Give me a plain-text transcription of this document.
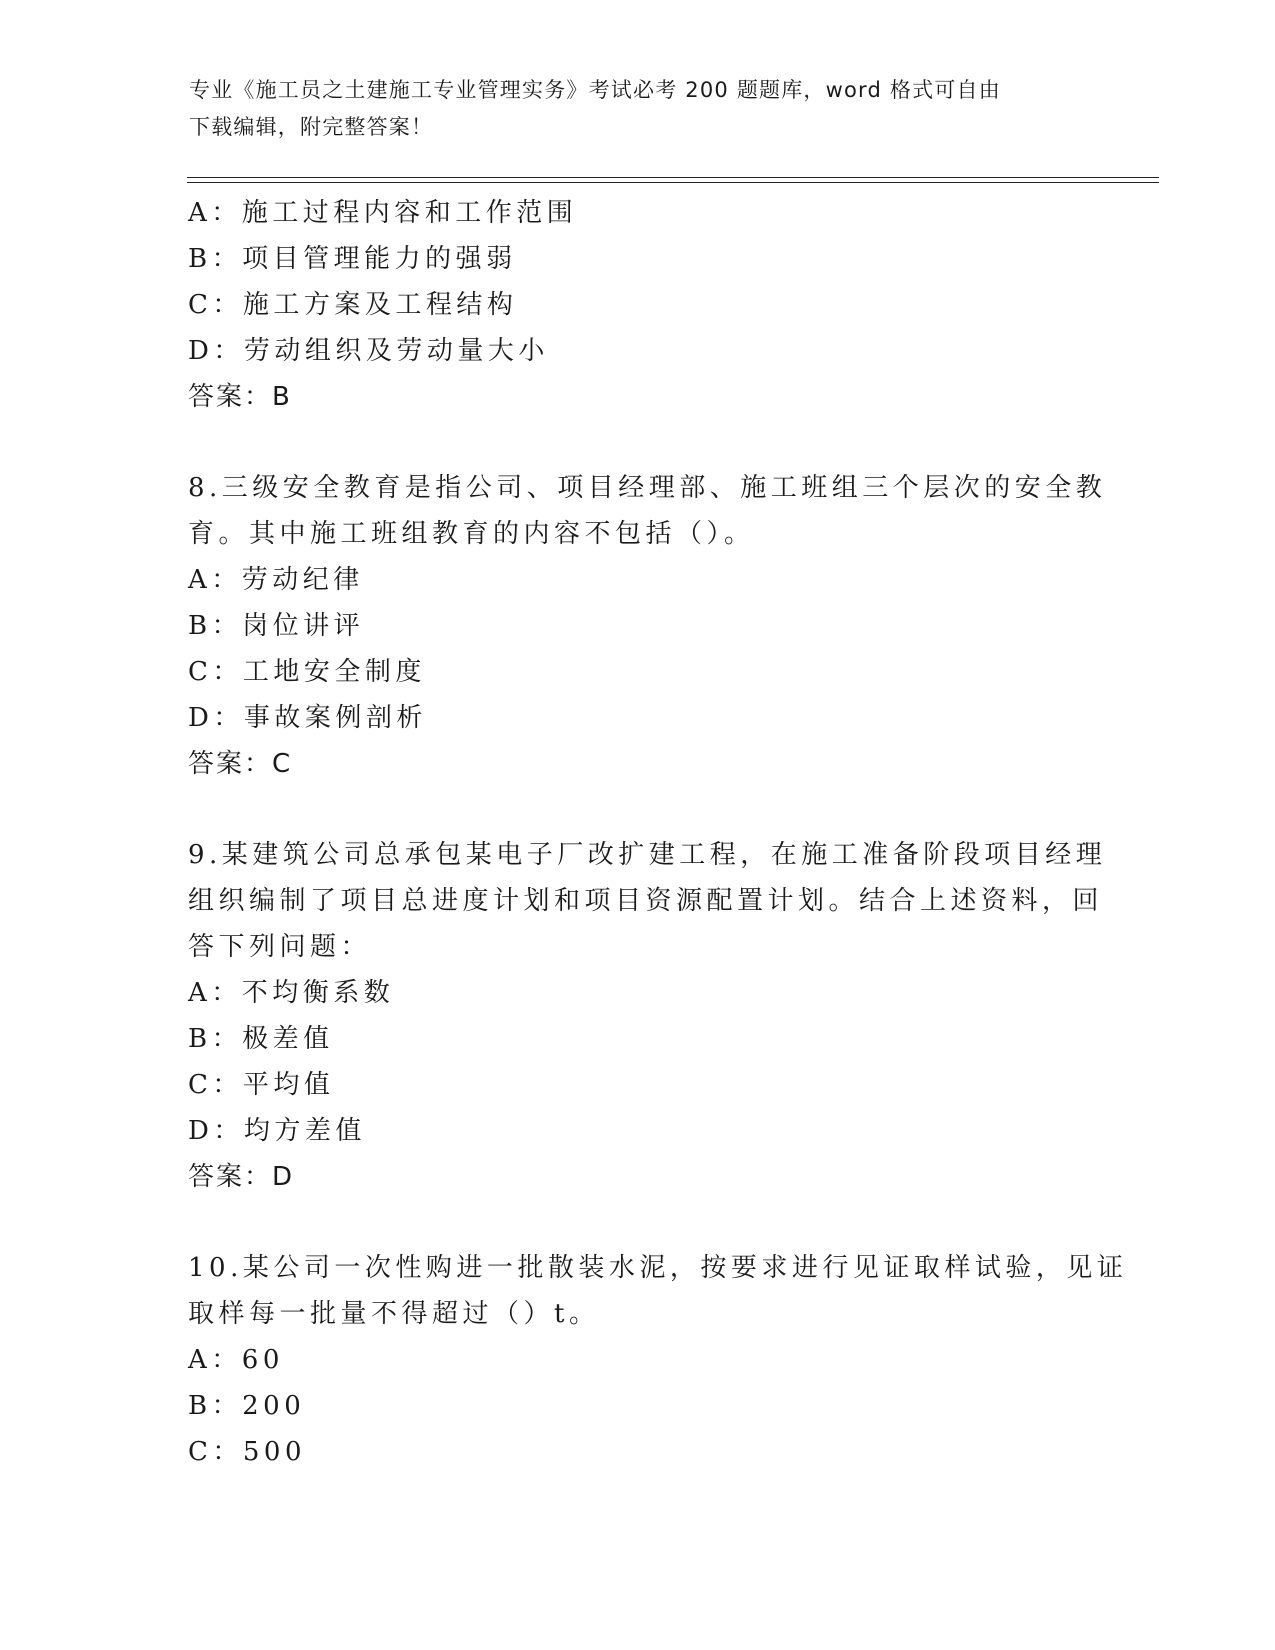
专业《施工员之土建施工专业管理实务》考试必考 200 题题库，word 格式可自由
下载编辑，附完整答案！
A：施工过程内容和工作范围
B：项目管理能力的强弱
C：施工方案及工程结构
D：劳动组织及劳动量大小
答案：B
8.三级安全教育是指公司、项目经理部、施工班组三个层次的安全教
育。其中施工班组教育的内容不包括（）。
A：劳动纪律
B：岗位讲评
C：工地安全制度
D：事故案例剖析
答案：C
9.某建筑公司总承包某电子厂改扩建工程，在施工准备阶段项目经理
组织编制了项目总进度计划和项目资源配置计划。结合上述资料，回
答下列问题：
A：不均衡系数
B：极差值
C：平均值
D：均方差值
答案：D
10.某公司一次性购进一批散装水泥，按要求进行见证取样试验，见证
取样每一批量不得超过（）t。
A：60
B：200
C：500
